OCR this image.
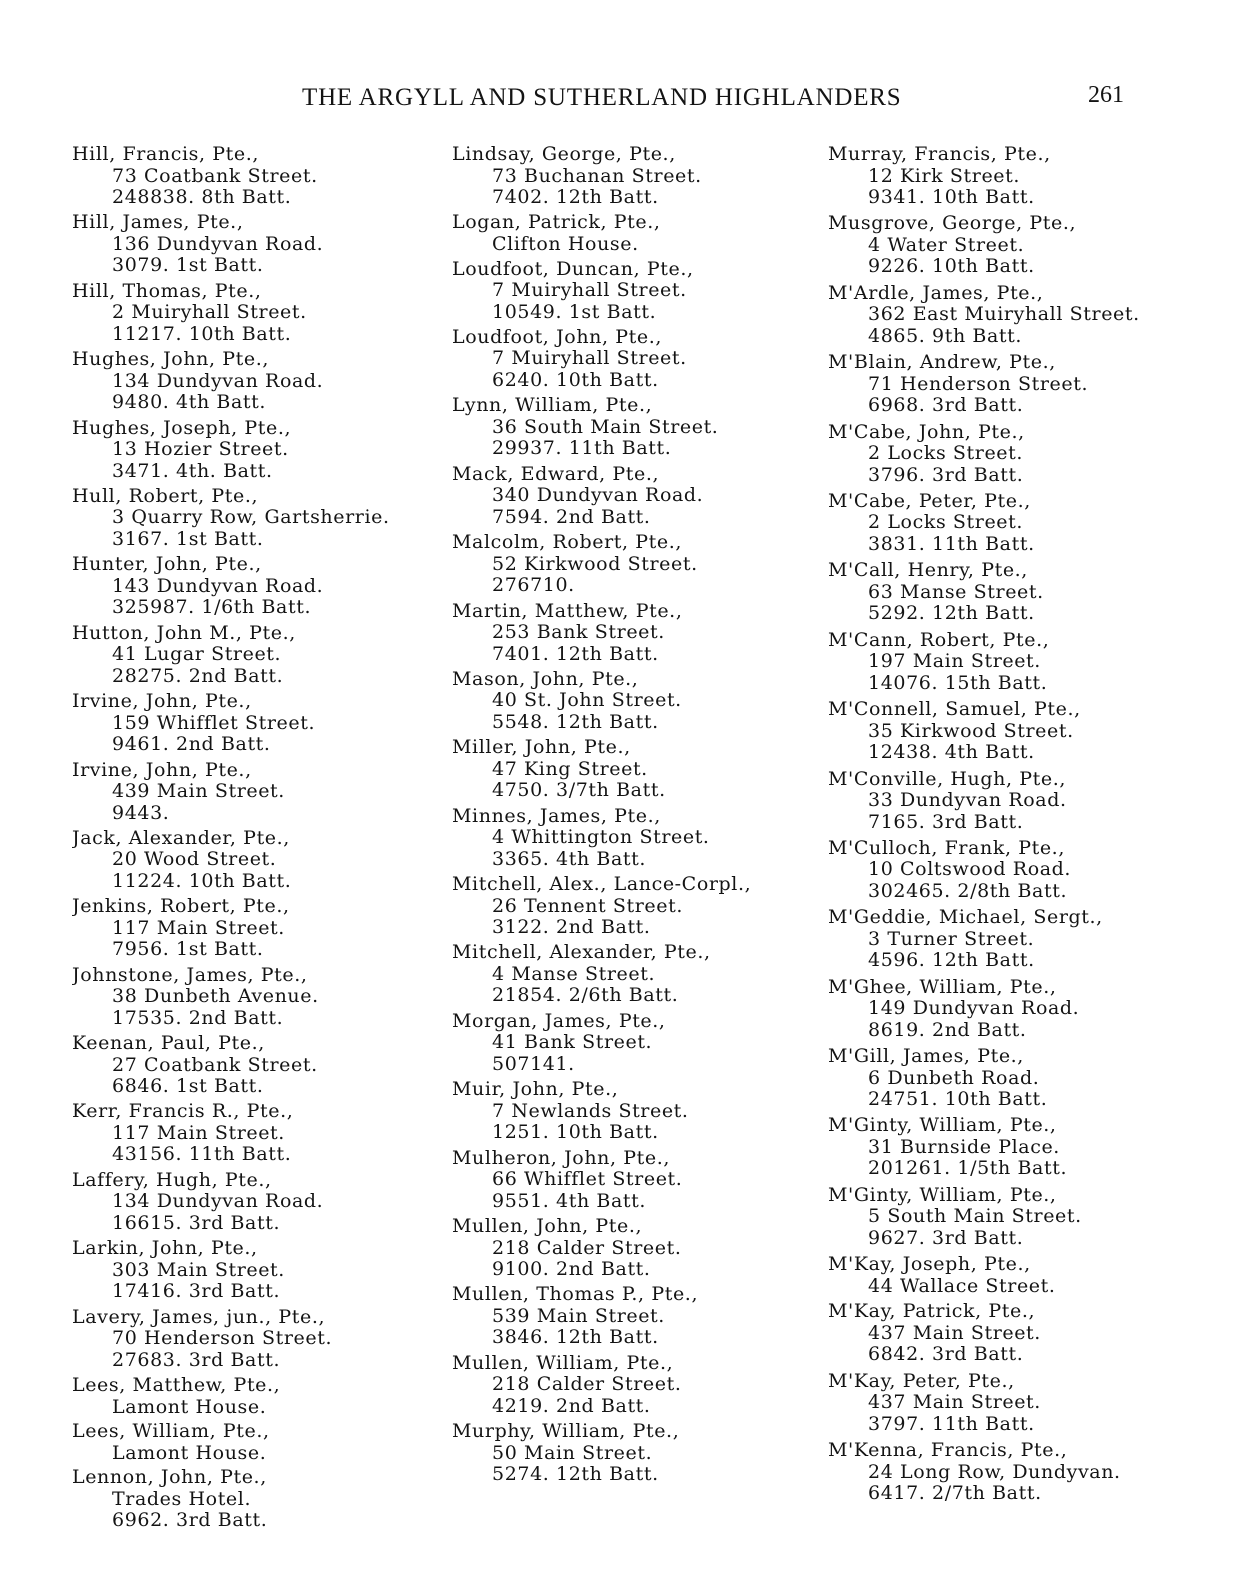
THE ARGYLL AND SUTHERLAND HIGHLANDERS	261
Hill, Francis, Pte.,
73 Coatbank Street.
248838. 8th Batt.
Hill, James, Pte.,
136 Dundyvan Road.
3079. 1st Batt.
Hill, Thomas, Pte.,
2 Muiryhall Street.
11217. 10th Batt.
Hughes, John, Pte.,
134 Dundyvan Road.
9480. 4th Batt.
Hughes, Joseph, Pte.,
13 Hozier Street.
3471. 4th. Batt.
Hull, Robert, Pte.,
3 Quarry Row, Gartsherrie.
3167. 1st Batt.
Hunter, John, Pte.,
143 Dundyvan Road.
325987. 1/6th Batt.
Hutton, John M., Pte.,
41 Lugar Street.
28275. 2nd Batt.
Irvine, John, Pte.,
159 Whifflet Street.
9461. 2nd Batt.
Irvine, John, Pte.,
439 Main Street.
9443.
Jack, Alexander, Pte.,
20 Wood Street.
11224. 10th Batt.
Jenkins, Robert, Pte.,
117 Main Street.
7956. 1st Batt.
Johnstone, James, Pte.,
38 Dunbeth Avenue.
17535. 2nd Batt.
Keenan, Paul, Pte.,
27 Coatbank Street.
6846. 1st Batt.
Kerr, Francis R., Pte.,
117 Main Street.
43156. 11th Batt.
Laffery, Hugh, Pte.,
134 Dundyvan Road.
16615. 3rd Batt.
Larkin, John, Pte.,
303 Main Street.
17416. 3rd Batt.
Lavery, James, jun., Pte.,
70 Henderson Street.
27683. 3rd Batt.
Lees, Matthew, Pte.,
Lamont House.
Lees, William, Pte.,
Lamont House.
Lennon, John, Pte.,
Trades Hotel.
6962. 3rd Batt.
Lindsay, George, Pte.,
73 Buchanan Street.
7402. 12th Batt.
Logan, Patrick, Pte.,
Clifton House.
Loudfoot, Duncan, Pte.,
7 Muiryhall Street.
10549. 1st Batt.
Loudfoot, John, Pte.,
7 Muiryhall Street.
6240. 10th Batt.
Lynn, William, Pte.,
36 South Main Street.
29937. 11th Batt.
Mack, Edward, Pte.,
340 Dundyvan Road.
7594. 2nd Batt.
Malcolm, Robert, Pte.,
52 Kirkwood Street.
276710.
Martin, Matthew, Pte.,
253 Bank Street.
7401. 12th Batt.
Mason, John, Pte.,
40 St. John Street.
5548. 12th Batt.
Miller, John, Pte.,
47 King Street.
4750. 3/7th Batt.
Minnes, James, Pte.,
4 Whittington Street.
3365. 4th Batt.
Mitchell, Alex., Lance-Corpl.,
26 Tennent Street.
3122. 2nd Batt.
Mitchell, Alexander, Pte.,
4 Manse Street.
21854. 2/6th Batt.
Morgan, James, Pte.,
41 Bank Street.
507141.
Muir, John, Pte.,
7 Newlands Street.
1251. 10th Batt.
Mulheron, John, Pte.,
66 Whifflet Street.
9551. 4th Batt.
Mullen, John, Pte.,
218 Calder Street.
9100. 2nd Batt.
Mullen, Thomas P., Pte.,
539 Main Street.
3846. 12th Batt.
Mullen, William, Pte.,
218 Calder Street.
4219. 2nd Batt.
Murphy, William, Pte.,
50 Main Street.
5274. 12th Batt.
Murray, Francis, Pte.,
12 Kirk Street.
9341. 10th Batt.
Musgrove, George, Pte.,
4 Water Street.
9226. 10th Batt.
M'Ardle, James, Pte.,
362 East Muiryhall Street.
4865. 9th Batt.
M'Blain, Andrew, Pte.,
71 Henderson Street.
6968. 3rd Batt.
M'Cabe, John, Pte.,
2 Locks Street.
3796. 3rd Batt.
M'Cabe, Peter, Pte.,
2 Locks Street.
3831. 11th Batt.
M'Call, Henry, Pte.,
63 Manse Street.
5292. 12th Batt.
M'Cann, Robert, Pte.,
197 Main Street.
14076. 15th Batt.
M'Connell, Samuel, Pte.,
35 Kirkwood Street.
12438. 4th Batt.
M'Conville, Hugh, Pte.,
33 Dundyvan Road.
7165. 3rd Batt.
M'Culloch, Frank, Pte.,
10 Coltswood Road.
302465. 2/8th Batt.
M'Geddie, Michael, Sergt.,
3 Turner Street.
4596. 12th Batt.
M'Ghee, William, Pte.,
149 Dundyvan Road.
8619. 2nd Batt.
M'Gill, James, Pte.,
6 Dunbeth Road.
24751. 10th Batt.
M'Ginty, William, Pte.,
31 Burnside Place.
201261. 1/5th Batt.
M'Ginty, William, Pte.,
5 South Main Street.
9627. 3rd Batt.
M'Kay, Joseph, Pte.,
44 Wallace Street.
M'Kay, Patrick, Pte.,
437 Main Street.
6842. 3rd Batt.
M'Kay, Peter, Pte.,
437 Main Street.
3797. 11th Batt.
M'Kenna, Francis, Pte.,
24 Long Row, Dundyvan.
6417. 2/7th Batt.
